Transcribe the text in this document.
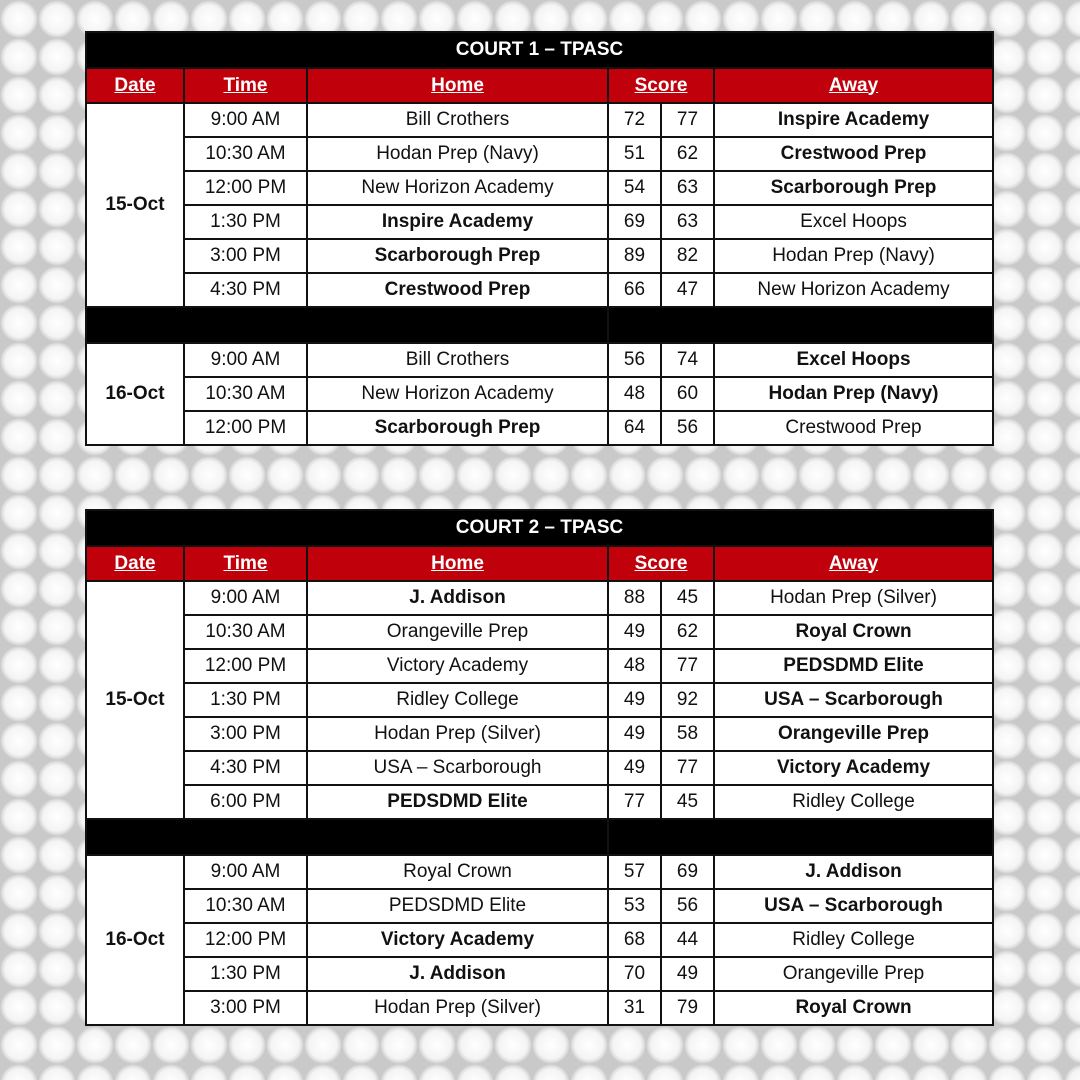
COURT 1 – TPASC					
Date	Time	Home	Score		Away
15-Oct	9:00 AM	Bill Crothers	72	77	Inspire Academy
	10:30 AM	Hodan Prep (Navy)	51	62	Crestwood Prep
	12:00 PM	New Horizon Academy	54	63	Scarborough Prep
	1:30 PM	Inspire Academy	69	63	Excel Hoops
	3:00 PM	Scarborough Prep	89	82	Hodan Prep (Navy)
	4:30 PM	Crestwood Prep	66	47	New Horizon Academy

16-Oct	9:00 AM	Bill Crothers	56	74	Excel Hoops
	10:30 AM	New Horizon Academy	48	60	Hodan Prep (Navy)
	12:00 PM	Scarborough Prep	64	56	Crestwood Prep
COURT 2 – TPASC					
Date	Time	Home	Score		Away
15-Oct	9:00 AM	J. Addison	88	45	Hodan Prep (Silver)
	10:30 AM	Orangeville Prep	49	62	Royal Crown
	12:00 PM	Victory Academy	48	77	PEDSDMD Elite
	1:30 PM	Ridley College	49	92	USA – Scarborough
	3:00 PM	Hodan Prep (Silver)	49	58	Orangeville Prep
	4:30 PM	USA – Scarborough	49	77	Victory Academy
	6:00 PM	PEDSDMD Elite	77	45	Ridley College

16-Oct	9:00 AM	Royal Crown	57	69	J. Addison
	10:30 AM	PEDSDMD Elite	53	56	USA – Scarborough
	12:00 PM	Victory Academy	68	44	Ridley College
	1:30 PM	J. Addison	70	49	Orangeville Prep
	3:00 PM	Hodan Prep (Silver)	31	79	Royal Crown
